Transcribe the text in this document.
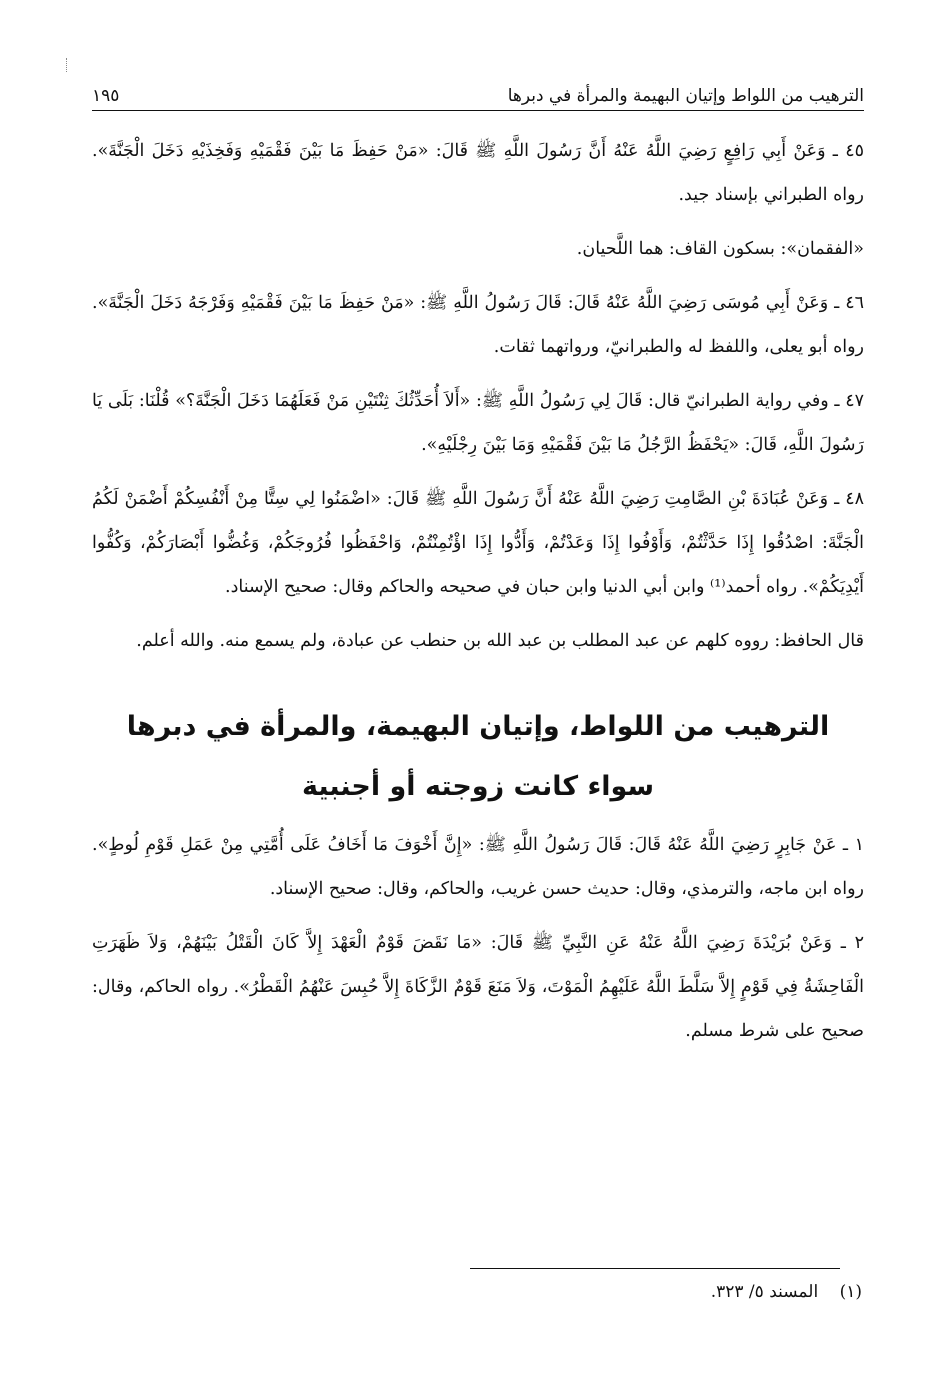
الترهيب من اللواط وإتيان البهيمة والمرأة في دبرها
١٩٥

٤٥ ـ وَعَنْ أَبِي رَافِعٍ رَضِيَ اللَّهُ عَنْهُ أَنَّ رَسُولَ اللَّهِ ﷺ قَالَ: «مَنْ حَفِظَ مَا بَيْنَ فَقْمَيْهِ وَفَخِذَيْهِ دَخَلَ الْجَنَّةَ». رواه الطبراني بإسناد جيد.

«الفقمان»: بسكون القاف: هما اللَّحيان.

٤٦ ـ وَعَنْ أَبِي مُوسَى رَضِيَ اللَّهُ عَنْهُ قَالَ: قَالَ رَسُولُ اللَّهِ ﷺ: «مَنْ حَفِظَ مَا بَيْنَ فَقْمَيْهِ وَفَرْجَهُ دَخَلَ الْجَنَّةَ». رواه أبو يعلى، واللفظ له والطبرانيّ، ورواتهما ثقات.

٤٧ ـ وفي رواية الطبرانيّ قال: قَالَ لِي رَسُولُ اللَّهِ ﷺ: «أَلاَ أُحَدِّثُكَ ثِنْتَيْنِ مَنْ فَعَلَهُمَا دَخَلَ الْجَنَّةَ؟» قُلْنَا: بَلَى يَا رَسُولَ اللَّهِ، قَالَ: «يَحْفَظُ الرَّجُلُ مَا بَيْنَ فَقْمَيْهِ وَمَا بَيْنَ رِجْلَيْهِ».

٤٨ ـ وَعَنْ عُبَادَةَ بْنِ الصَّامِتِ رَضِيَ اللَّهُ عَنْهُ أَنَّ رَسُولَ اللَّهِ ﷺ قَالَ: «اضْمَنُوا لِي سِتًّا مِنْ أَنْفُسِكُمْ أَضْمَنْ لَكُمُ الْجَنَّةَ: اصْدُقُوا إِذَا حَدَّثْتُمْ، وَأَوْفُوا إِذَا وَعَدْتُمْ، وَأَدُّوا إِذَا اؤْتُمِنْتُمْ، وَاحْفَظُوا فُرُوجَكُمْ، وَغُضُّوا أَبْصَارَكُمْ، وَكُفُّوا أَيْدِيَكُمْ». رواه أحمد⁽¹⁾ وابن أبي الدنيا وابن حبان في صحيحه والحاكم وقال: صحيح الإسناد.

قال الحافظ: رووه كلهم عن عبد المطلب بن عبد الله بن حنطب عن عبادة، ولم يسمع منه. والله أعلم.

الترهيب من اللواط، وإتيان البهيمة، والمرأة في دبرها
سواء كانت زوجته أو أجنبية

١ ـ عَنْ جَابِرٍ رَضِيَ اللَّهُ عَنْهُ قَالَ: قَالَ رَسُولُ اللَّهِ ﷺ: «إِنَّ أَخْوَفَ مَا أَخَافُ عَلَى أُمَّتِي مِنْ عَمَلِ قَوْمِ لُوطٍ». رواه ابن ماجه، والترمذي، وقال: حديث حسن غريب، والحاكم، وقال: صحيح الإسناد.

٢ ـ وَعَنْ بُرَيْدَةَ رَضِيَ اللَّهُ عَنْهُ عَنِ النَّبِيِّ ﷺ قَالَ: «مَا نَقَضَ قَوْمٌ الْعَهْدَ إِلاَّ كَانَ الْقَتْلُ بَيْنَهُمْ، وَلاَ ظَهَرَتِ الْفَاحِشَةُ فِي قَوْمٍ إِلاَّ سَلَّطَ اللَّهُ عَلَيْهِمُ الْمَوْتَ، وَلاَ مَنَعَ قَوْمٌ الزَّكَاةَ إِلاَّ حُبِسَ عَنْهُمُ الْقَطْرُ». رواه الحاكم، وقال: صحيح على شرط مسلم.

(١) المسند ٥/ ٣٢٣.
